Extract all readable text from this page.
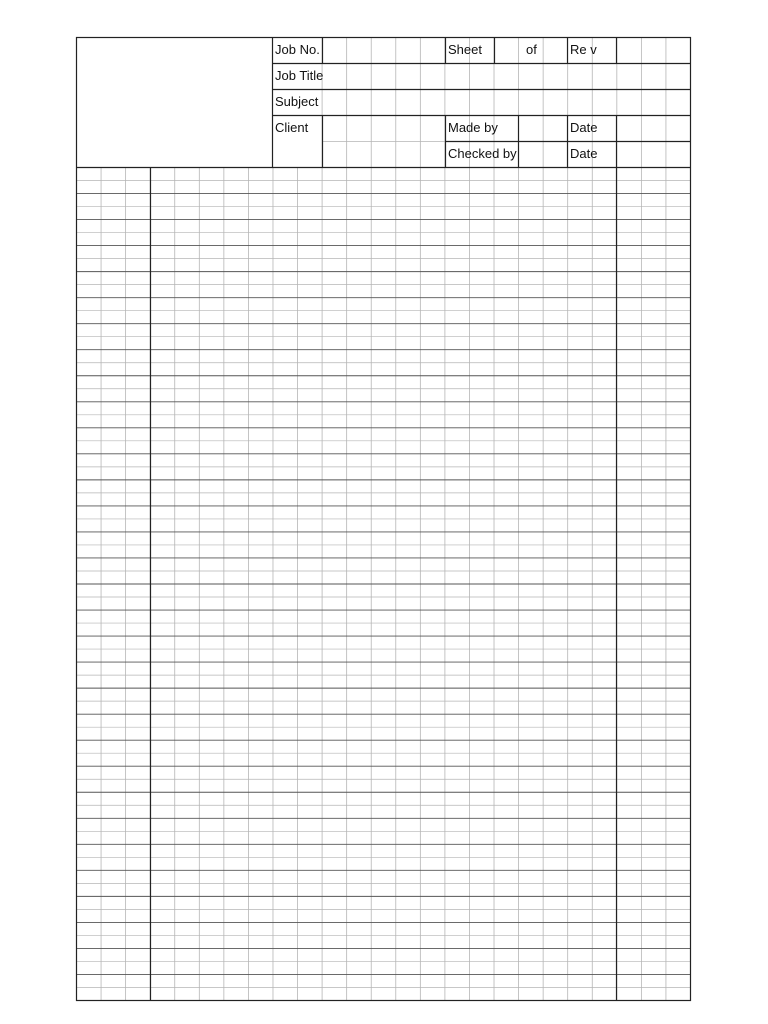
Job No.
Job Title
Subject
Client
Sheet	of	Re v
Made by
Checked by
Date
Date
